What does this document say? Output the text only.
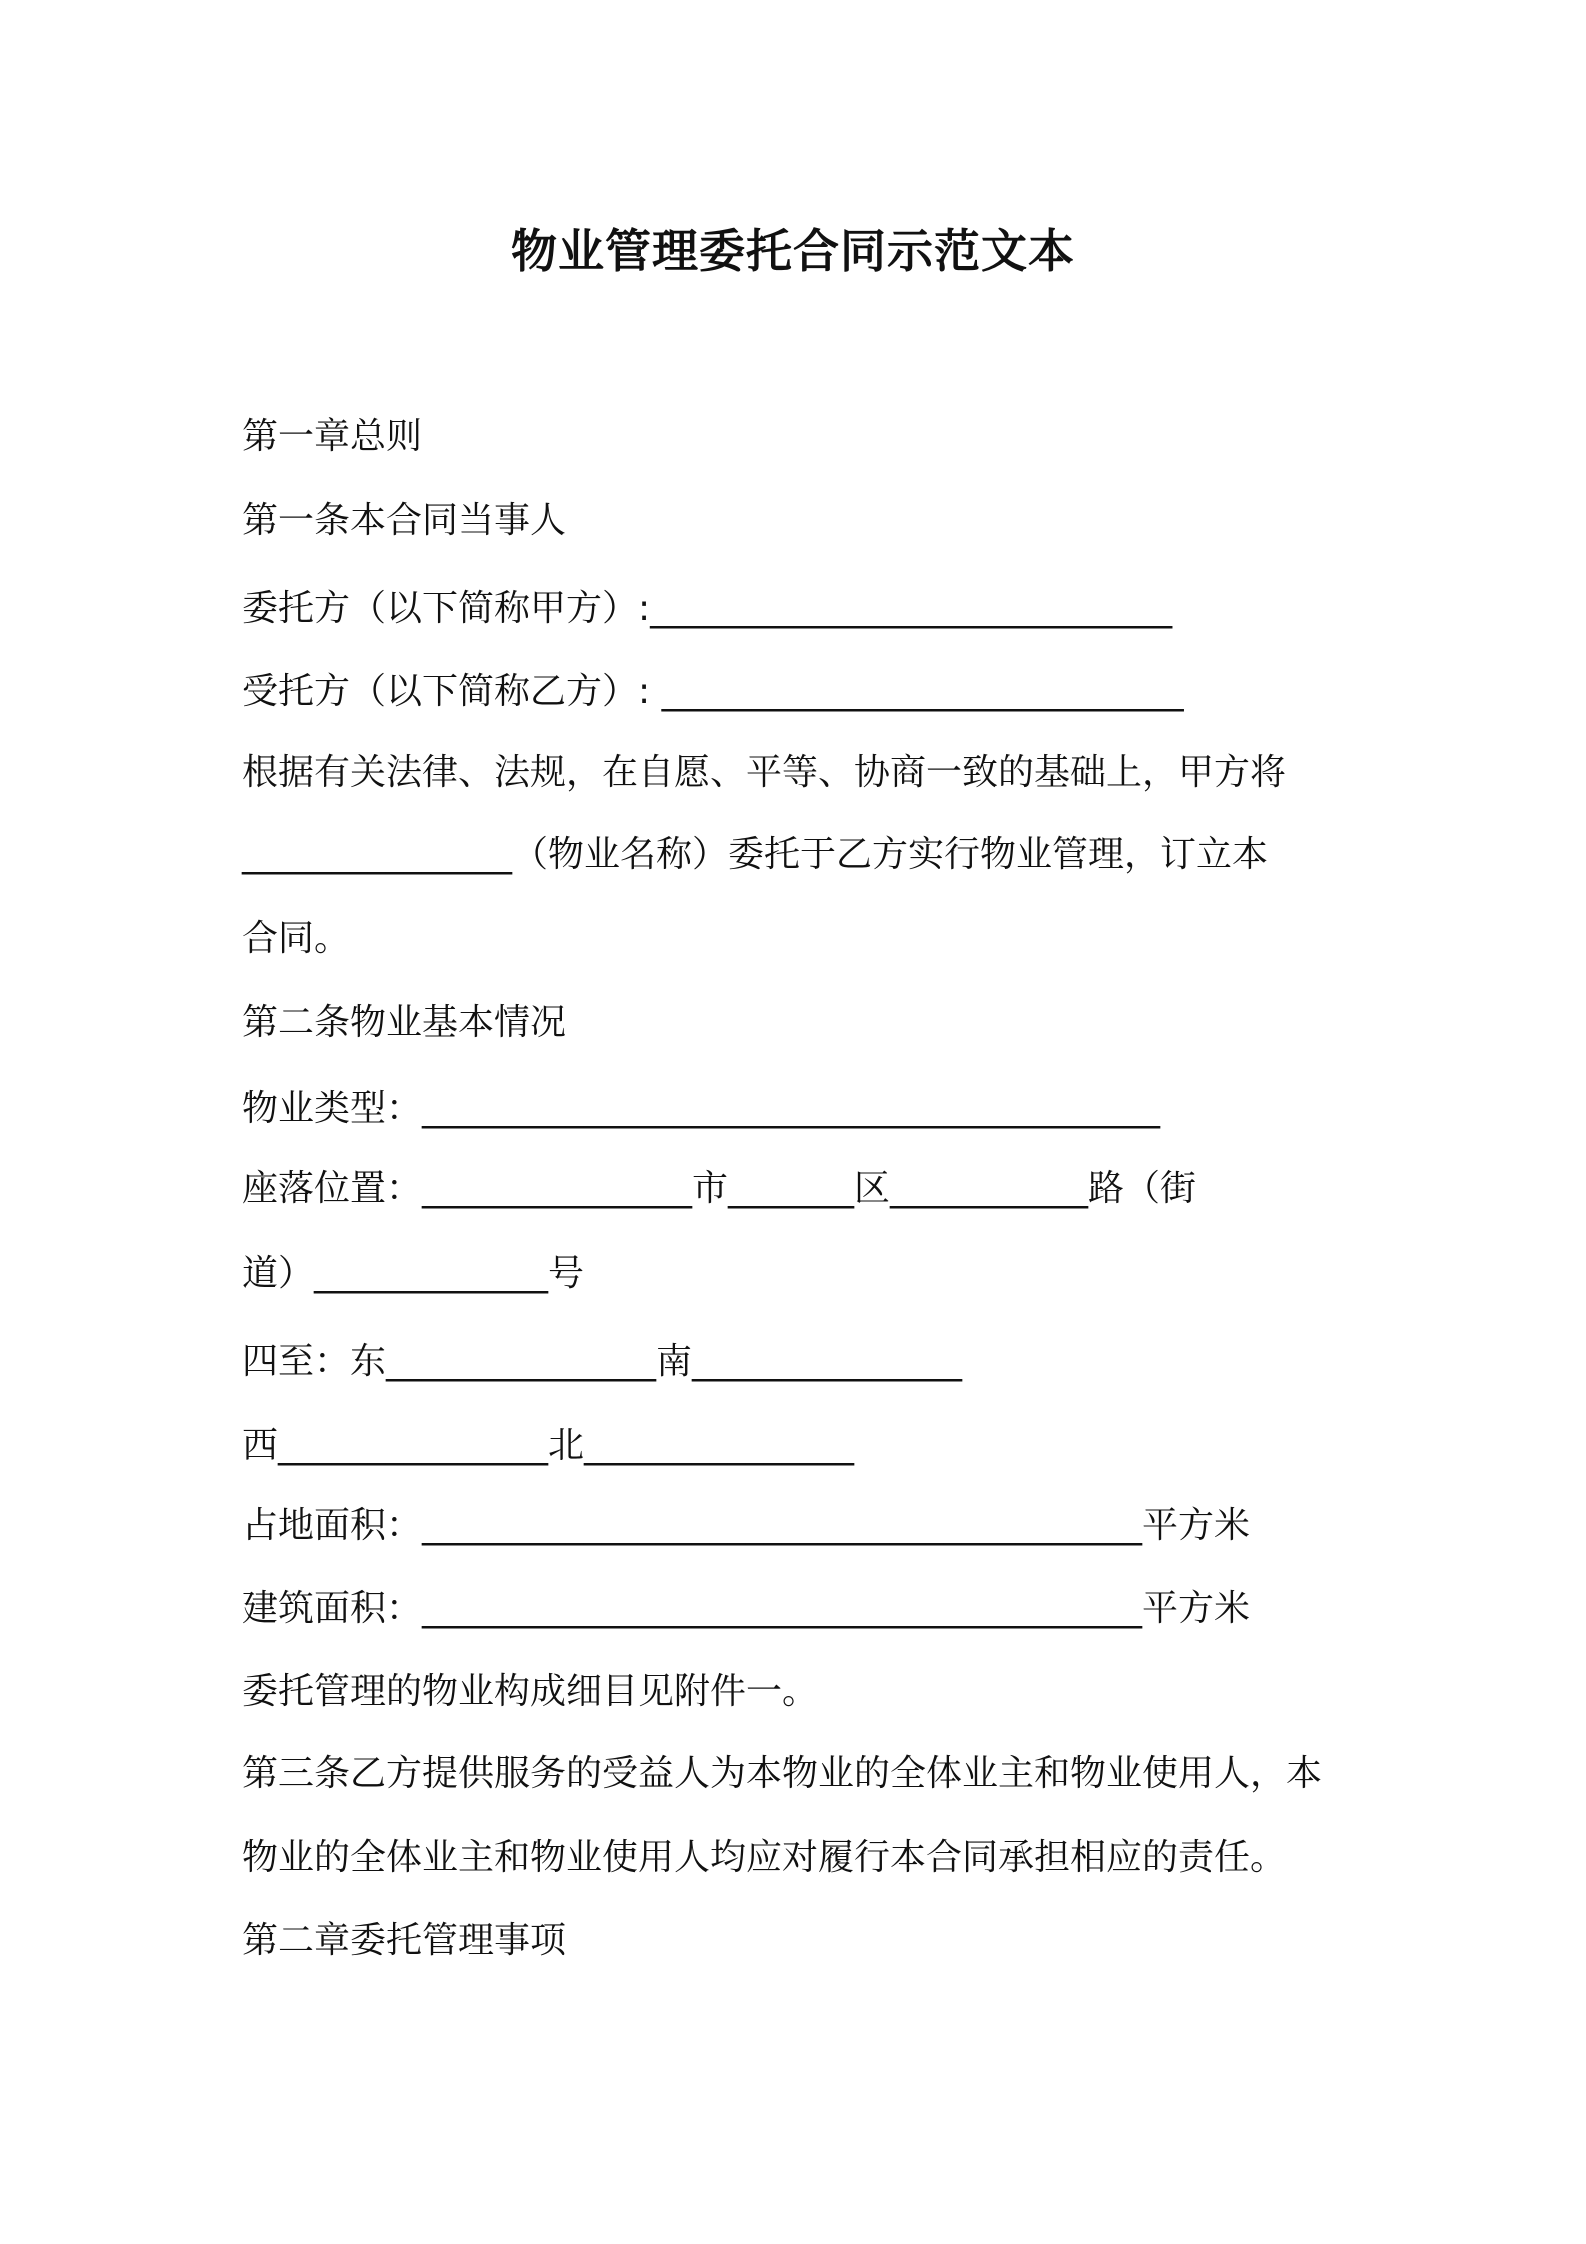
物业管理委托合同示范文本
第一章总则
第一条本合同当事人
委托方（以下简称甲方）:_____________________________
受托方（以下简称乙方）: _____________________________
根据有关法律、法规，在自愿、平等、协商一致的基础上，甲方将
_______________（物业名称）委托于乙方实行物业管理，订立本
合同。
第二条物业基本情况
物业类型：_________________________________________
座落位置：_______________市_______区___________路（街
道）_____________号
四至：东_______________南_______________
西_______________北_______________
占地面积：________________________________________平方米
建筑面积：________________________________________平方米
委托管理的物业构成细目见附件一。
第三条乙方提供服务的受益人为本物业的全体业主和物业使用人，本
物业的全体业主和物业使用人均应对履行本合同承担相应的责任。
第二章委托管理事项
